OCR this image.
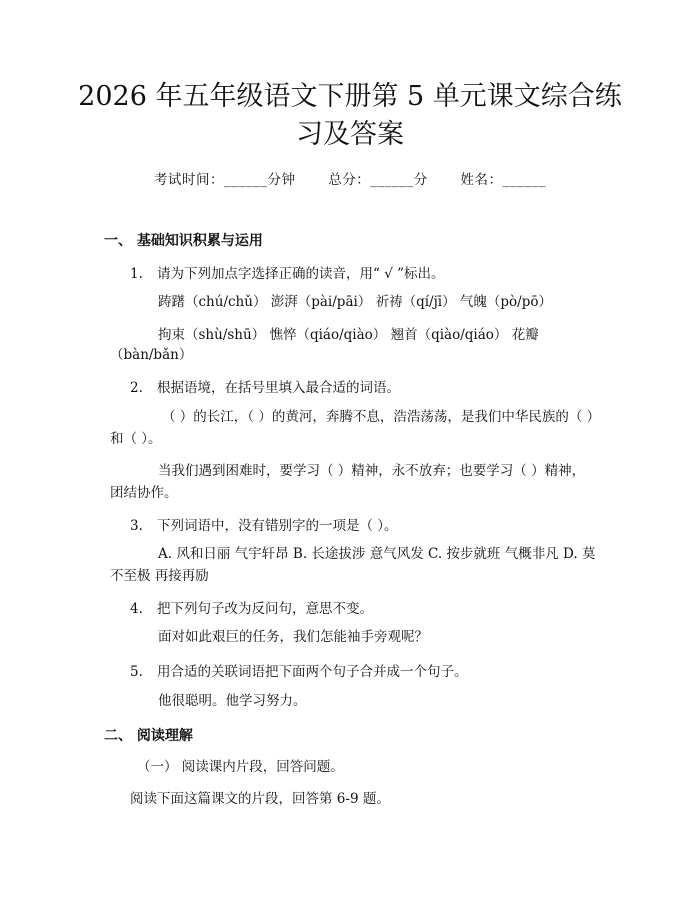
2026 年五年级语文下册第 5 单元课文综合练
习及答案
考试时间：______分钟 总分：______分 姓名：______
一、 基础知识积累与运用
1. 请为下列加点字选择正确的读音，用“ √ ”标出。
踌躇（chú/chǔ） 澎湃（pài/pāi） 祈祷（qí/jī） 气魄（pò/pō）
拘束（shù/shū） 憔悴（qiáo/qiào） 翘首（qiào/qiáo） 花瓣
（bàn/bǎn）
2. 根据语境，在括号里填入最合适的词语。
（ ）的长江，（ ）的黄河，奔腾不息，浩浩荡荡，是我们中华民族的（ ）和（ ）。
当我们遇到困难时，要学习（ ）精神，永不放弃；也要学习（ ）精神，团结协作。
3. 下列词语中，没有错别字的一项是（ ）。
A. 风和日丽 气宇轩昂 B. 长途拔涉 意气风发 C. 按步就班 气概非凡 D. 莫不至极 再接再励
4. 把下列句子改为反问句，意思不变。
面对如此艰巨的任务，我们怎能袖手旁观呢？
5. 用合适的关联词语把下面两个句子合并成一个句子。
他很聪明。他学习努力。
二、 阅读理解
（一） 阅读课内片段，回答问题。
阅读下面这篇课文的片段，回答第 6-9 题。
